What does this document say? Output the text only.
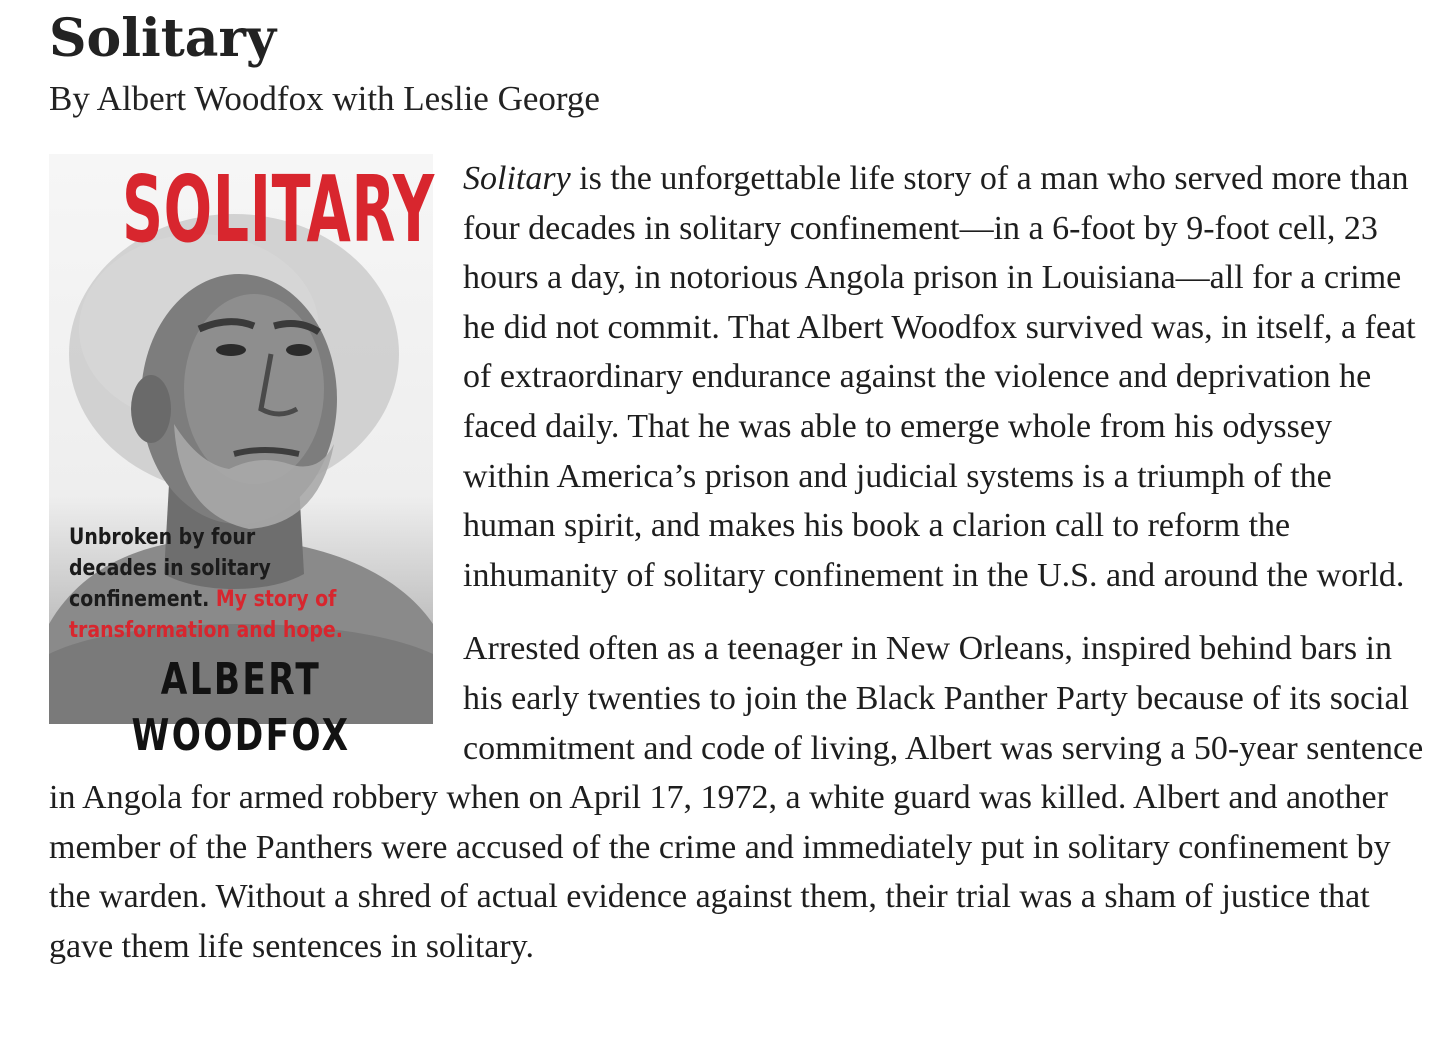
Solitary

By Albert Woodfox with Leslie George

SOLITARY
Unbroken by four decades in solitary confinement. My story of transformation and hope.
ALBERT WOODFOX

Solitary is the unforgettable life story of a man who served more than four decades in solitary confinement—in a 6-foot by 9-foot cell, 23 hours a day, in notorious Angola prison in Louisiana—all for a crime he did not commit. That Albert Woodfox survived was, in itself, a feat of extraordinary endurance against the violence and deprivation he faced daily. That he was able to emerge whole from his odyssey within America’s prison and judicial systems is a triumph of the human spirit, and makes his book a clarion call to reform the inhumanity of solitary confinement in the U.S. and around the world.

Arrested often as a teenager in New Orleans, inspired behind bars in his early twenties to join the Black Panther Party because of its social commitment and code of living, Albert was serving a 50-year sentence in Angola for armed robbery when on April 17, 1972, a white guard was killed. Albert and another member of the Panthers were accused of the crime and immediately put in solitary confinement by the warden. Without a shred of actual evidence against them, their trial was a sham of justice that gave them life sentences in solitary.
